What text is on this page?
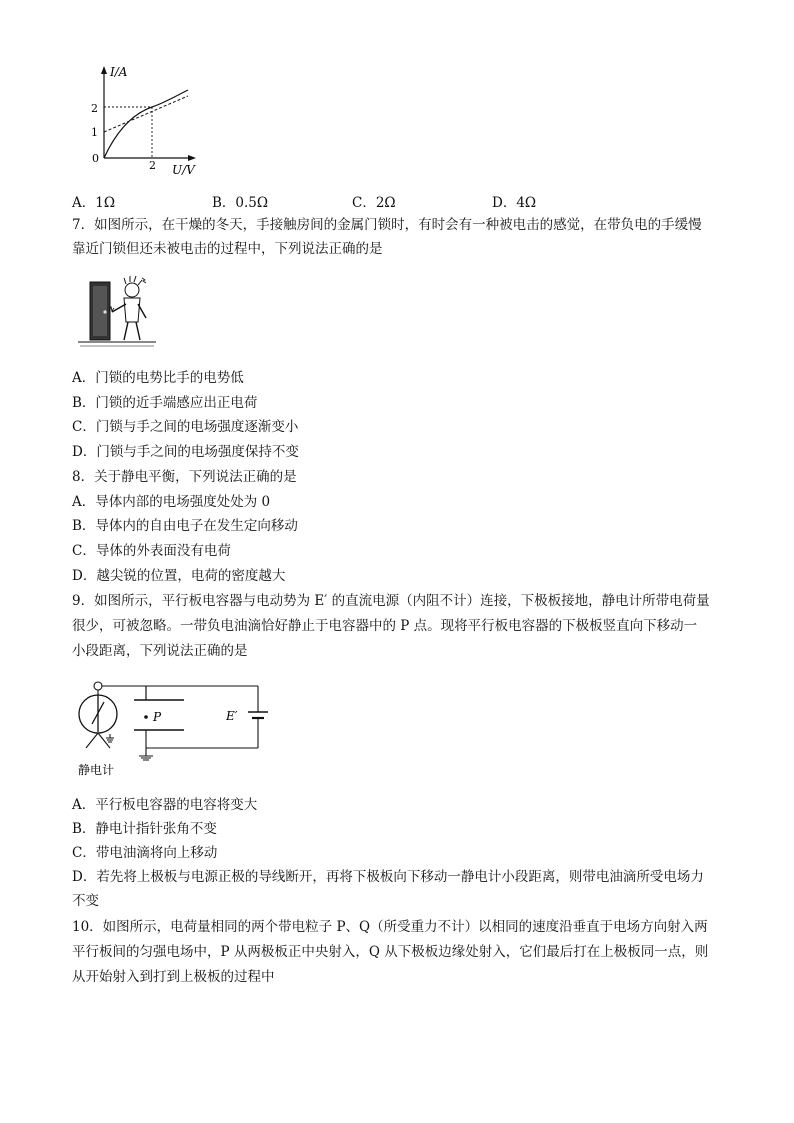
I/A
U/V
2
1
0
2
A．1Ω	B．0.5Ω	C．2Ω	D．4Ω
7．如图所示，在干燥的冬天，手接触房间的金属门锁时，有时会有一种被电击的感觉，在带负电的手缓慢
靠近门锁但还未被电击的过程中，下列说法正确的是
A．门锁的电势比手的电势低
B．门锁的近手端感应出正电荷
C．门锁与手之间的电场强度逐渐变小
D．门锁与手之间的电场强度保持不变
8．关于静电平衡，下列说法正确的是
A．导体内部的电场强度处处为 0
B．导体内的自由电子在发生定向移动
C．导体的外表面没有电荷
D．越尖锐的位置，电荷的密度越大
9．如图所示，平行板电容器与电动势为 E′ 的直流电源（内阻不计）连接，下极板接地，静电计所带电荷量
很少，可被忽略。一带负电油滴恰好静止于电容器中的 P 点。现将平行板电容器的下极板竖直向下移动一
小段距离，下列说法正确的是
静电计
P	E′
A．平行板电容器的电容将变大
B．静电计指针张角不变
C．带电油滴将向上移动
D．若先将上极板与电源正极的导线断开，再将下极板向下移动一静电计小段距离，则带电油滴所受电场力
不变
10．如图所示，电荷量相同的两个带电粒子 P、Q（所受重力不计）以相同的速度沿垂直于电场方向射入两
平行板间的匀强电场中，P 从两极板正中央射入，Q 从下极板边缘处射入，它们最后打在上极板同一点，则
从开始射入到打到上极板的过程中
